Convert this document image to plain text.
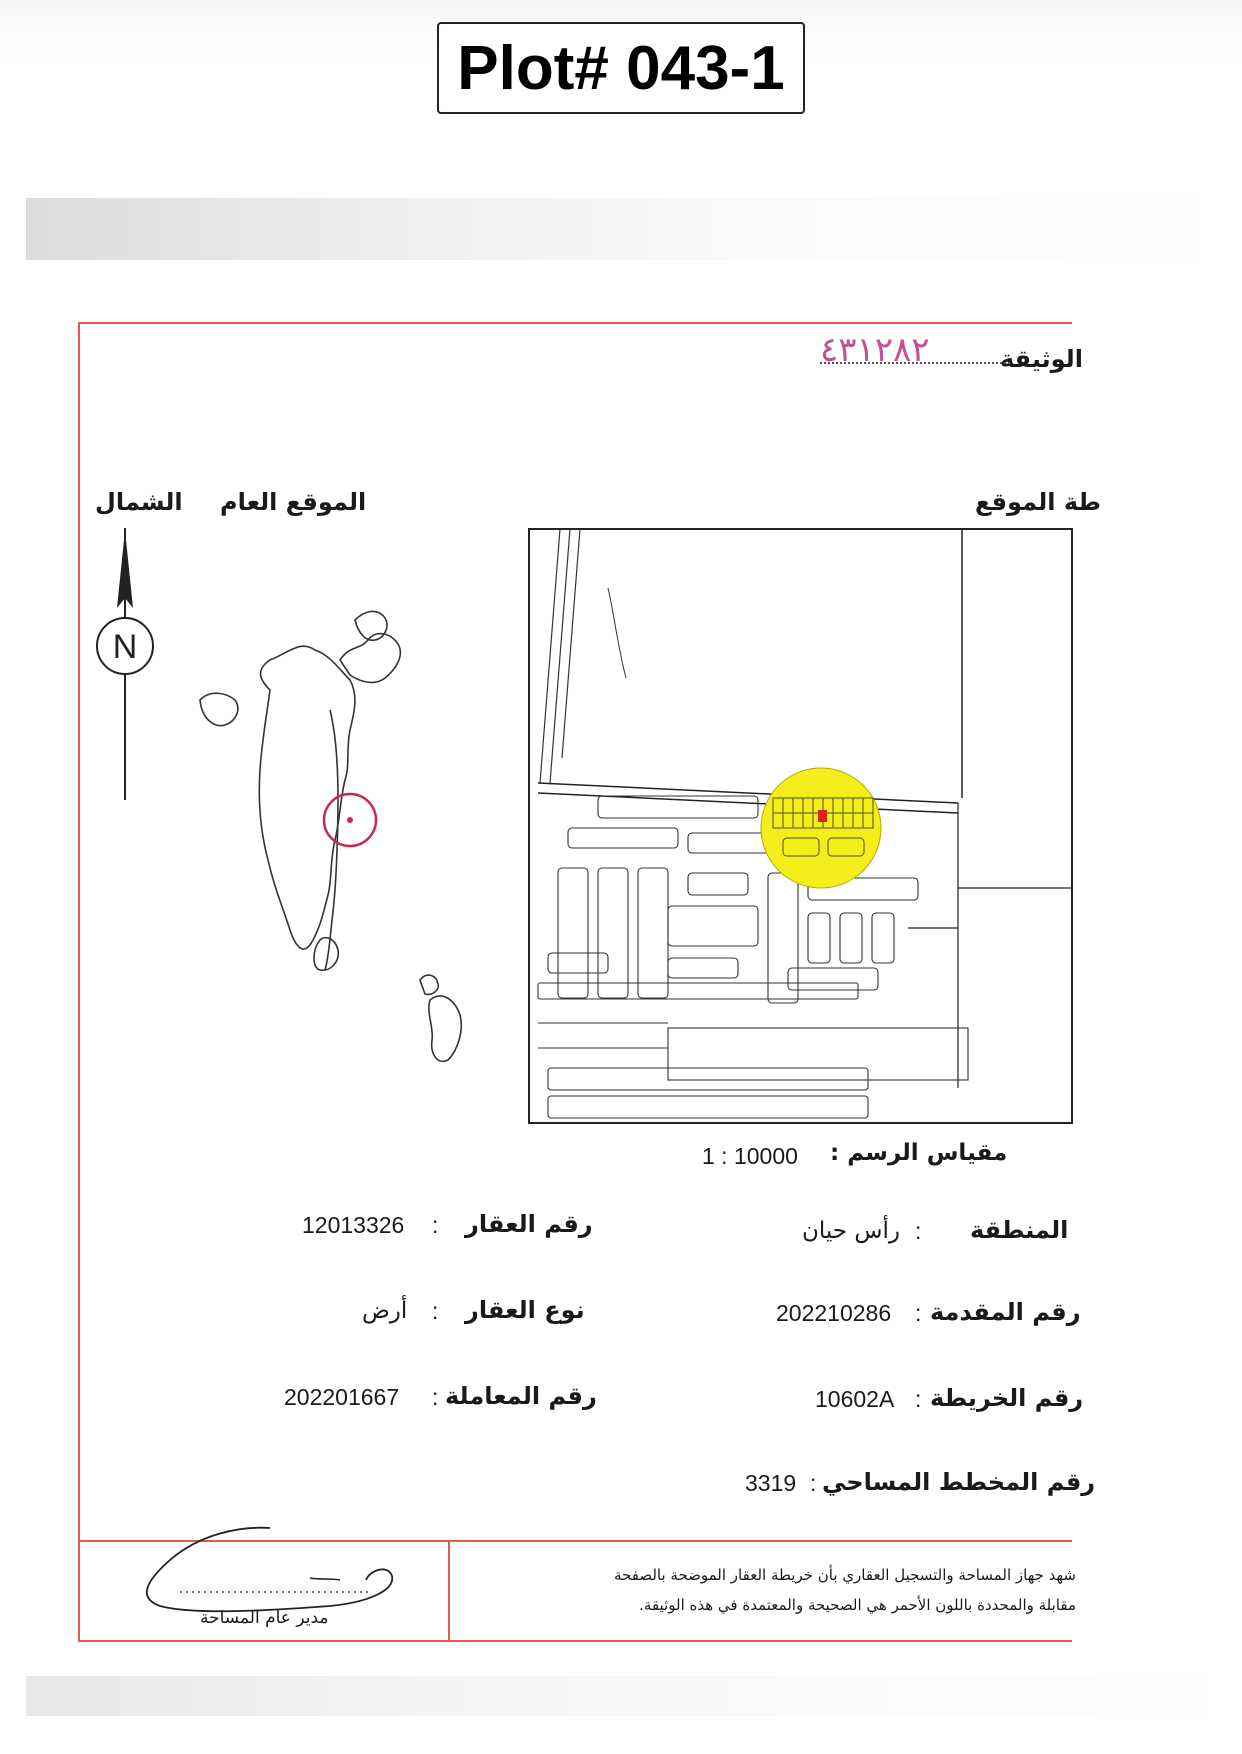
Plot# 043-1
الوثيقة
٤٣١٢٨٢
الشمال الموقع العام	طة الموقع
N
مقياس الرسم :
1 : 10000
المنطقة
:
رأس حيان
رقم المقدمة
:
202210286
رقم الخريطة
:
10602A
رقم المخطط المساحي
:
3319
رقم العقار
:
12013326
نوع العقار
:
أرض
رقم المعاملة
:
202201667
شهد جهاز المساحة والتسجيل العقاري بأن خريطة العقار الموضحة بالصفحة
مقابلة والمحددة باللون الأحمر هي الصحيحة والمعتمدة في هذه الوثيقة.
مدير عام المساحة
